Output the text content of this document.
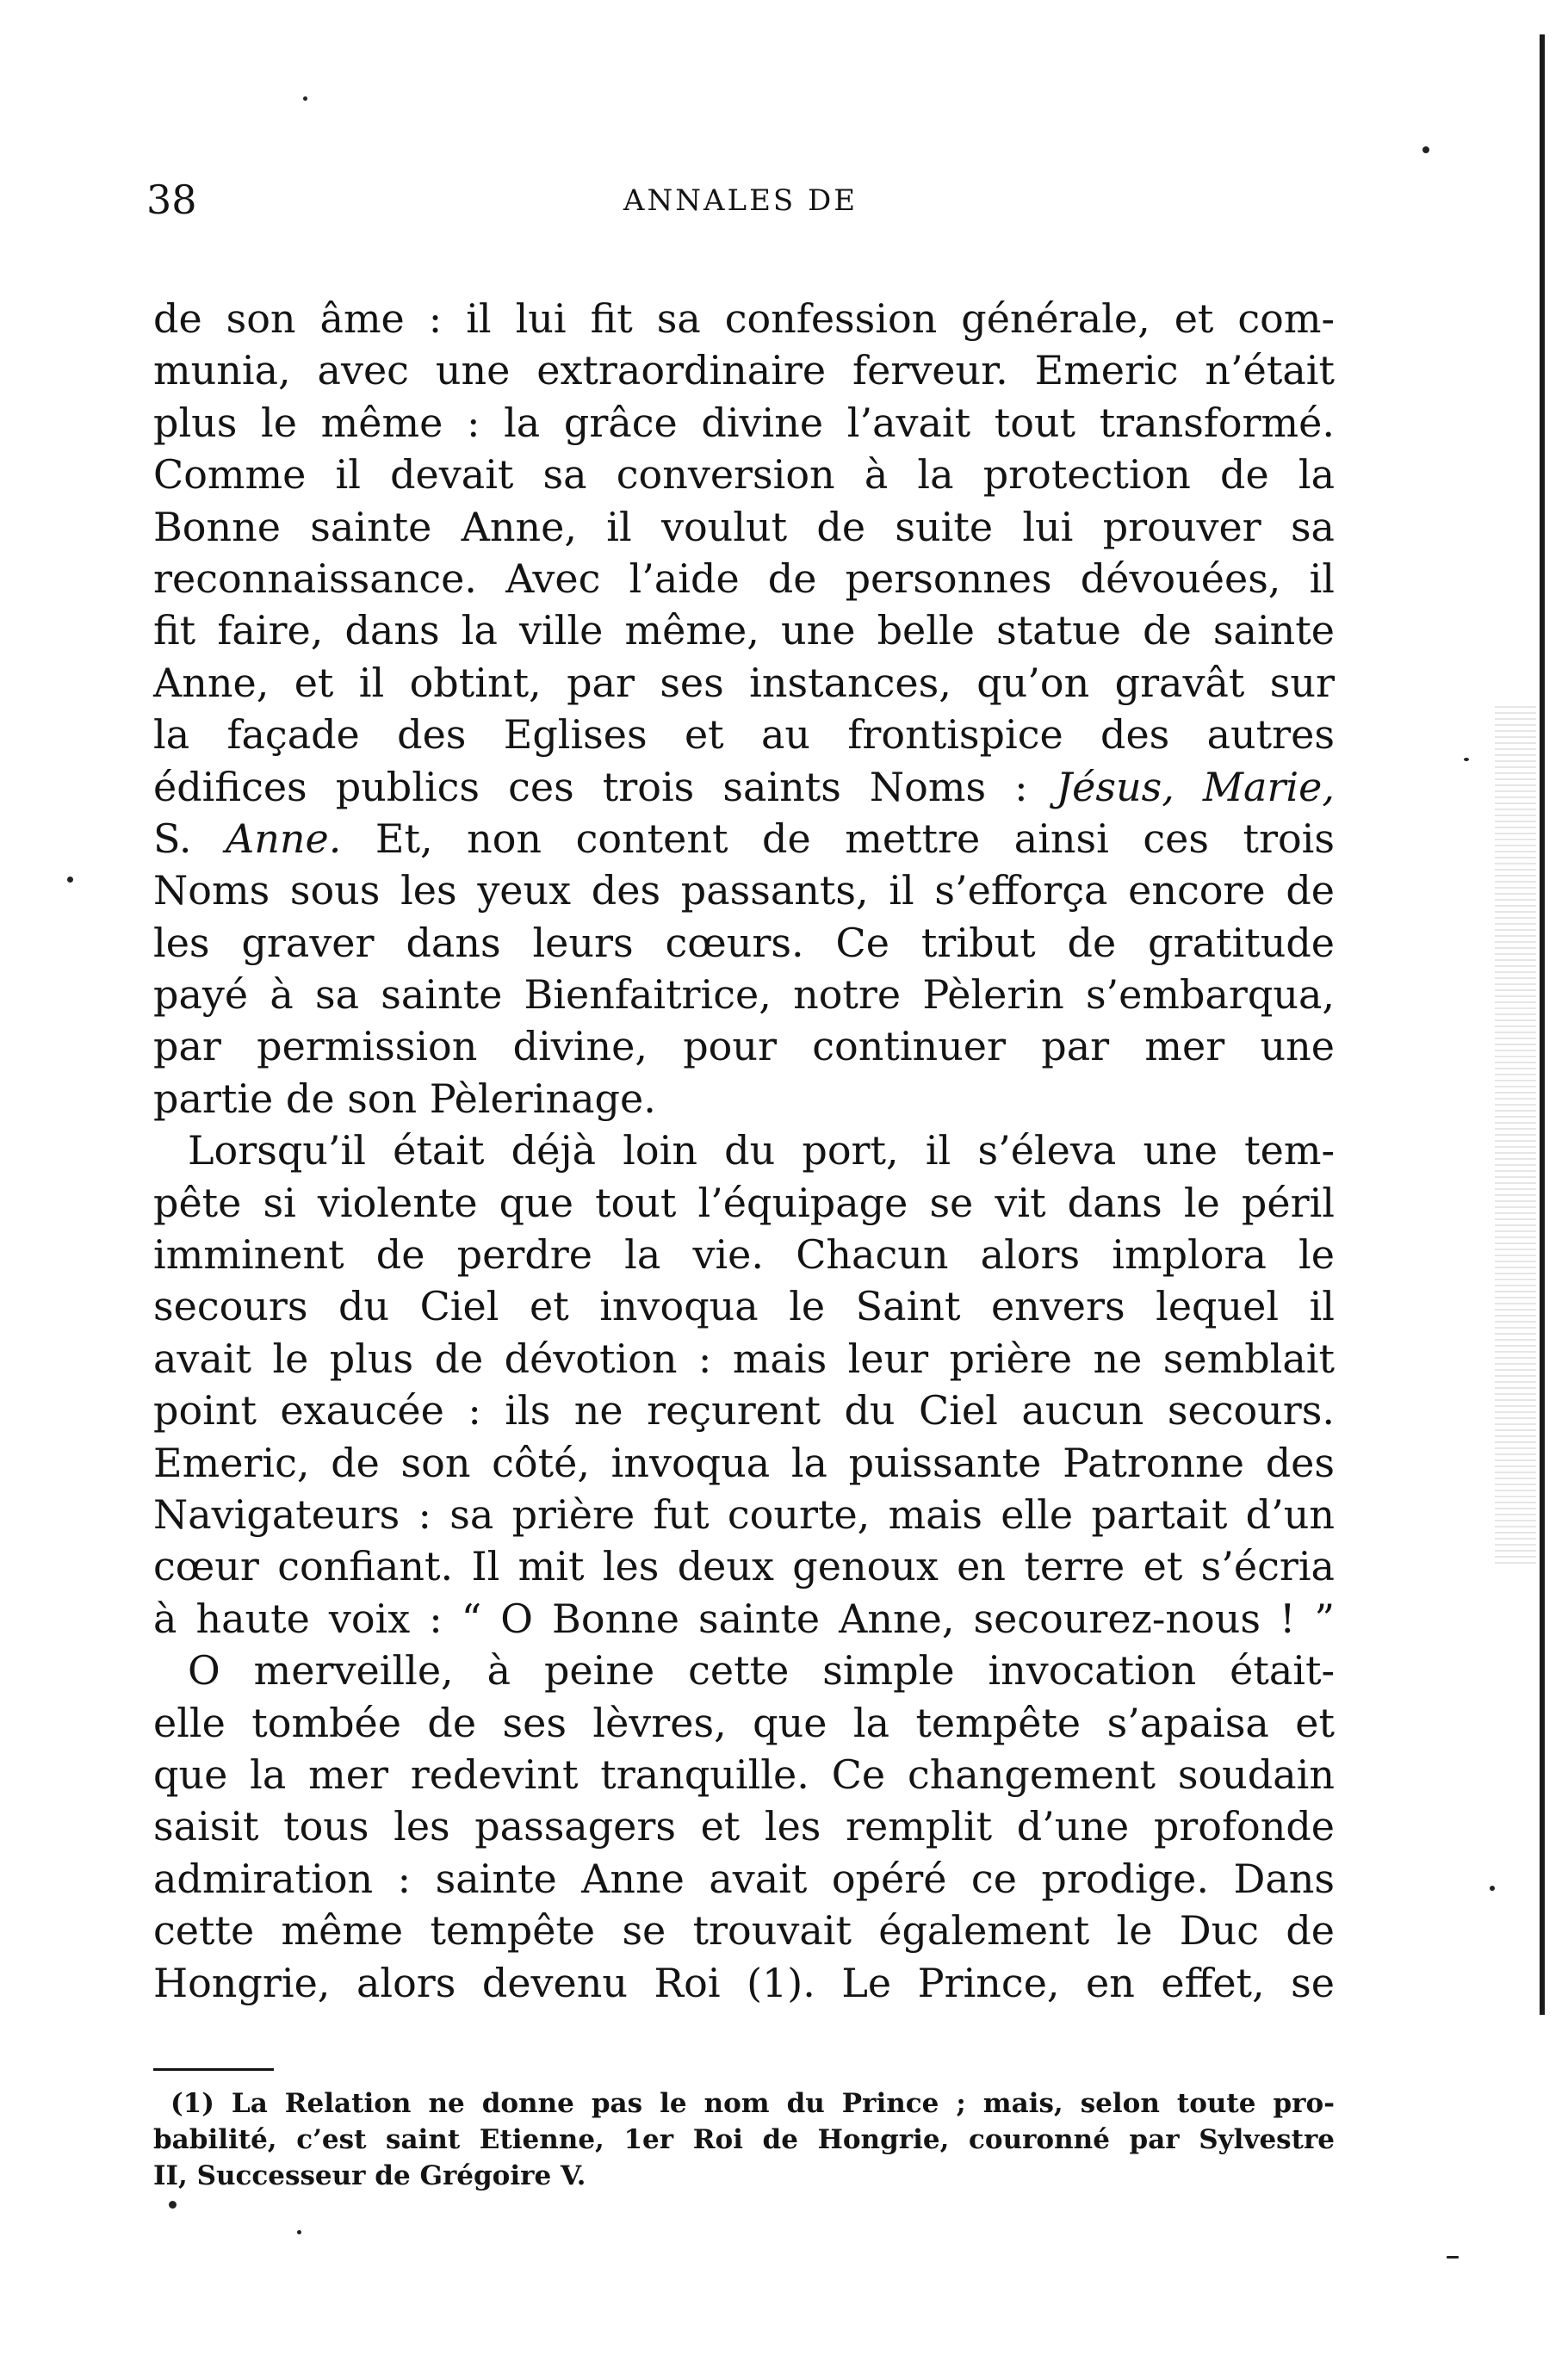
38	ANNALES DE
de son âme : il lui fit sa confession générale, et com-
munia, avec une extraordinaire ferveur. Emeric n’était
plus le même : la grâce divine l’avait tout transformé.
Comme il devait sa conversion à la protection de la
Bonne sainte Anne, il voulut de suite lui prouver sa
reconnaissance. Avec l’aide de personnes dévouées, il
fit faire, dans la ville même, une belle statue de sainte
Anne, et il obtint, par ses instances, qu’on gravât sur
la façade des Eglises et au frontispice des autres
édifices publics ces trois saints Noms : Jésus, Marie,
S. Anne. Et, non content de mettre ainsi ces trois
Noms sous les yeux des passants, il s’efforça encore de
les graver dans leurs cœurs. Ce tribut de gratitude
payé à sa sainte Bienfaitrice, notre Pèlerin s’embarqua,
par permission divine, pour continuer par mer une
partie de son Pèlerinage.
Lorsqu’il était déjà loin du port, il s’éleva une tem-
pête si violente que tout l’équipage se vit dans le péril
imminent de perdre la vie. Chacun alors implora le
secours du Ciel et invoqua le Saint envers lequel il
avait le plus de dévotion : mais leur prière ne semblait
point exaucée : ils ne reçurent du Ciel aucun secours.
Emeric, de son côté, invoqua la puissante Patronne des
Navigateurs : sa prière fut courte, mais elle partait d’un
cœur confiant. Il mit les deux genoux en terre et s’écria
à haute voix : “ O Bonne sainte Anne, secourez-nous ! ”
O merveille, à peine cette simple invocation était-
elle tombée de ses lèvres, que la tempête s’apaisa et
que la mer redevint tranquille. Ce changement soudain
saisit tous les passagers et les remplit d’une profonde
admiration : sainte Anne avait opéré ce prodige. Dans
cette même tempête se trouvait également le Duc de
Hongrie, alors devenu Roi (1). Le Prince, en effet, se
(1) La Relation ne donne pas le nom du Prince ; mais, selon toute pro-
babilité, c’est saint Etienne, 1er Roi de Hongrie, couronné par Sylvestre
II, Successeur de Grégoire V.
